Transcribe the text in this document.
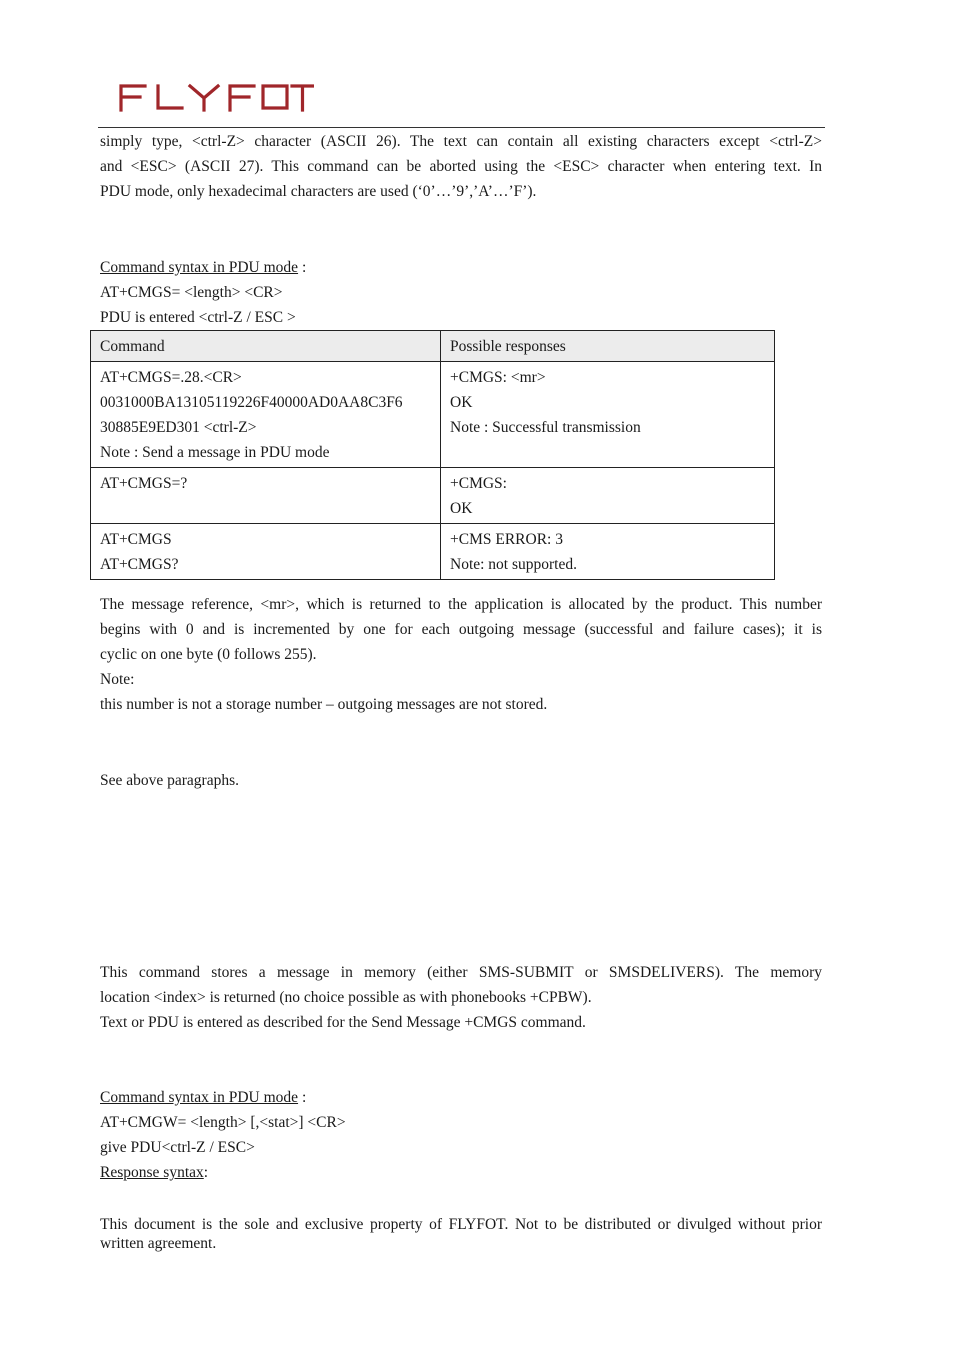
simply type, <ctrl-Z> character (ASCII 26). The text can contain all existing characters except <ctrl-Z>
and <ESC> (ASCII 27). This command can be aborted using the <ESC> character when entering text. In
PDU mode, only hexadecimal characters are used (‘0’…’9’,’A’…’F’).
Command syntax in PDU mode :
AT+CMGS= <length> <CR>
PDU is entered <ctrl-Z / ESC >
Command	Possible responses

AT+CMGS=.28.<CR>
0031000BA13105119226F40000AD0AA8C3F6
30885E9ED301 <ctrl-Z>
Note : Send a message in PDU mode	+CMGS: <mr>
OK
Note : Successful transmission

AT+CMGS=?	+CMGS:
OK

AT+CMGS
AT+CMGS?	+CMS ERROR: 3
Note: not supported.
The message reference, <mr>, which is returned to the application is allocated by the product. This number
begins with 0 and is incremented by one for each outgoing message (successful and failure cases); it is
cyclic on one byte (0 follows 255).
Note:
this number is not a storage number – outgoing messages are not stored.
See above paragraphs.
This command stores a message in memory (either SMS-SUBMIT or SMSDELIVERS). The memory
location <index> is returned (no choice possible as with phonebooks +CPBW).
Text or PDU is entered as described for the Send Message +CMGS command.
Command syntax in PDU mode :
AT+CMGW= <length> [,<stat>] <CR>
give PDU<ctrl-Z / ESC>
Response syntax:
This document is the sole and exclusive property of FLYFOT. Not to be distributed or divulged without prior written agreement.
